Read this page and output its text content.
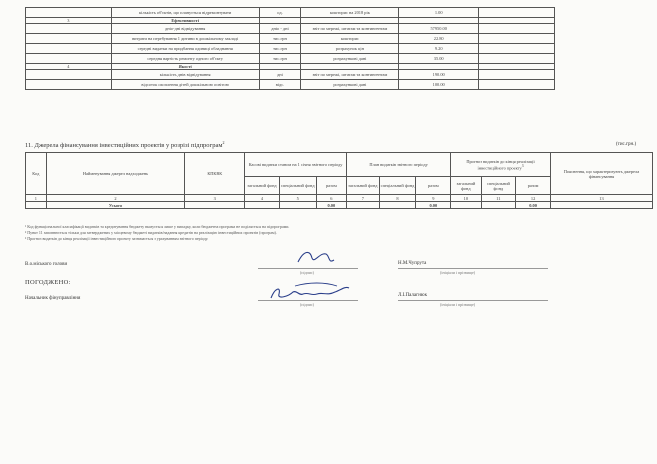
	кількість об'єктів, що планується відремонтувати	од.	кошторис на 2018 рік	1.00	
3	Ефективності				
	днto-дні відвідування	днto - дні	звіт по мережі, штатам та контингентам	57950.00	
	витрати на перебування 1 дитини в дошкільному закладі	тис.грн	кошторис	22.80	
	середні видатки на придбання одиниці обладнання	тис.грн	розрахунок цін	9.20	
	середня вартість ремонту одного об'єкту	тис.грн	розрахункові дані	35.00	
4	Якості				
	кількість днів відвідування	дні	звіт по мережі, штатам та контингентам	190.00	
	відсоток охоплення дітей дошкільною освітою	відс.	розрахункові дані	100.00	
11. Джерела фінансування інвестиційних проектів у розрізі підпрограм$^2$	(тис.грн.)
Код	Найменування джерел надходжень	КПКВК	Касові видатки станом на 1 січня звітного періоду			План видатків звітного періоду			Прогноз видатків до кінця реалізації інвестиційного проекту$^3$			Пояснення, що характеризують джерела фінансування
			загальний фонд	спеціальний фонд	разом	загальний фонд	спеціальний фонд	разом	загальний фонд	спеціальний фонд	разом	
1	2	3	4	5	6	7	8	9	10	11	12	13
	Усього				0.00			0.00			0.00	
¹ Код функціональної класифікації видатків та кредитування бюджету вказується лише у випадку, коли бюджетна програма не поділяється на підпрограми.
² Пункт 11 заповнюється тільки для затверджених у місцевому бюджеті видатків/надання кредитів на реалізацію інвестиційних проектів (програм).
³ Прогноз видатків до кінця реалізації інвестиційного проекту зазначається з урахуванням звітного періоду.
В.о.міського голови
(підпис)
Н.М.Чупрута
(ініціали і прізвище)
ПОГОДЖЕНО:
Начальник фінуправління
(підпис)
Л.І.Палагнюк
(ініціали і прізвище)
